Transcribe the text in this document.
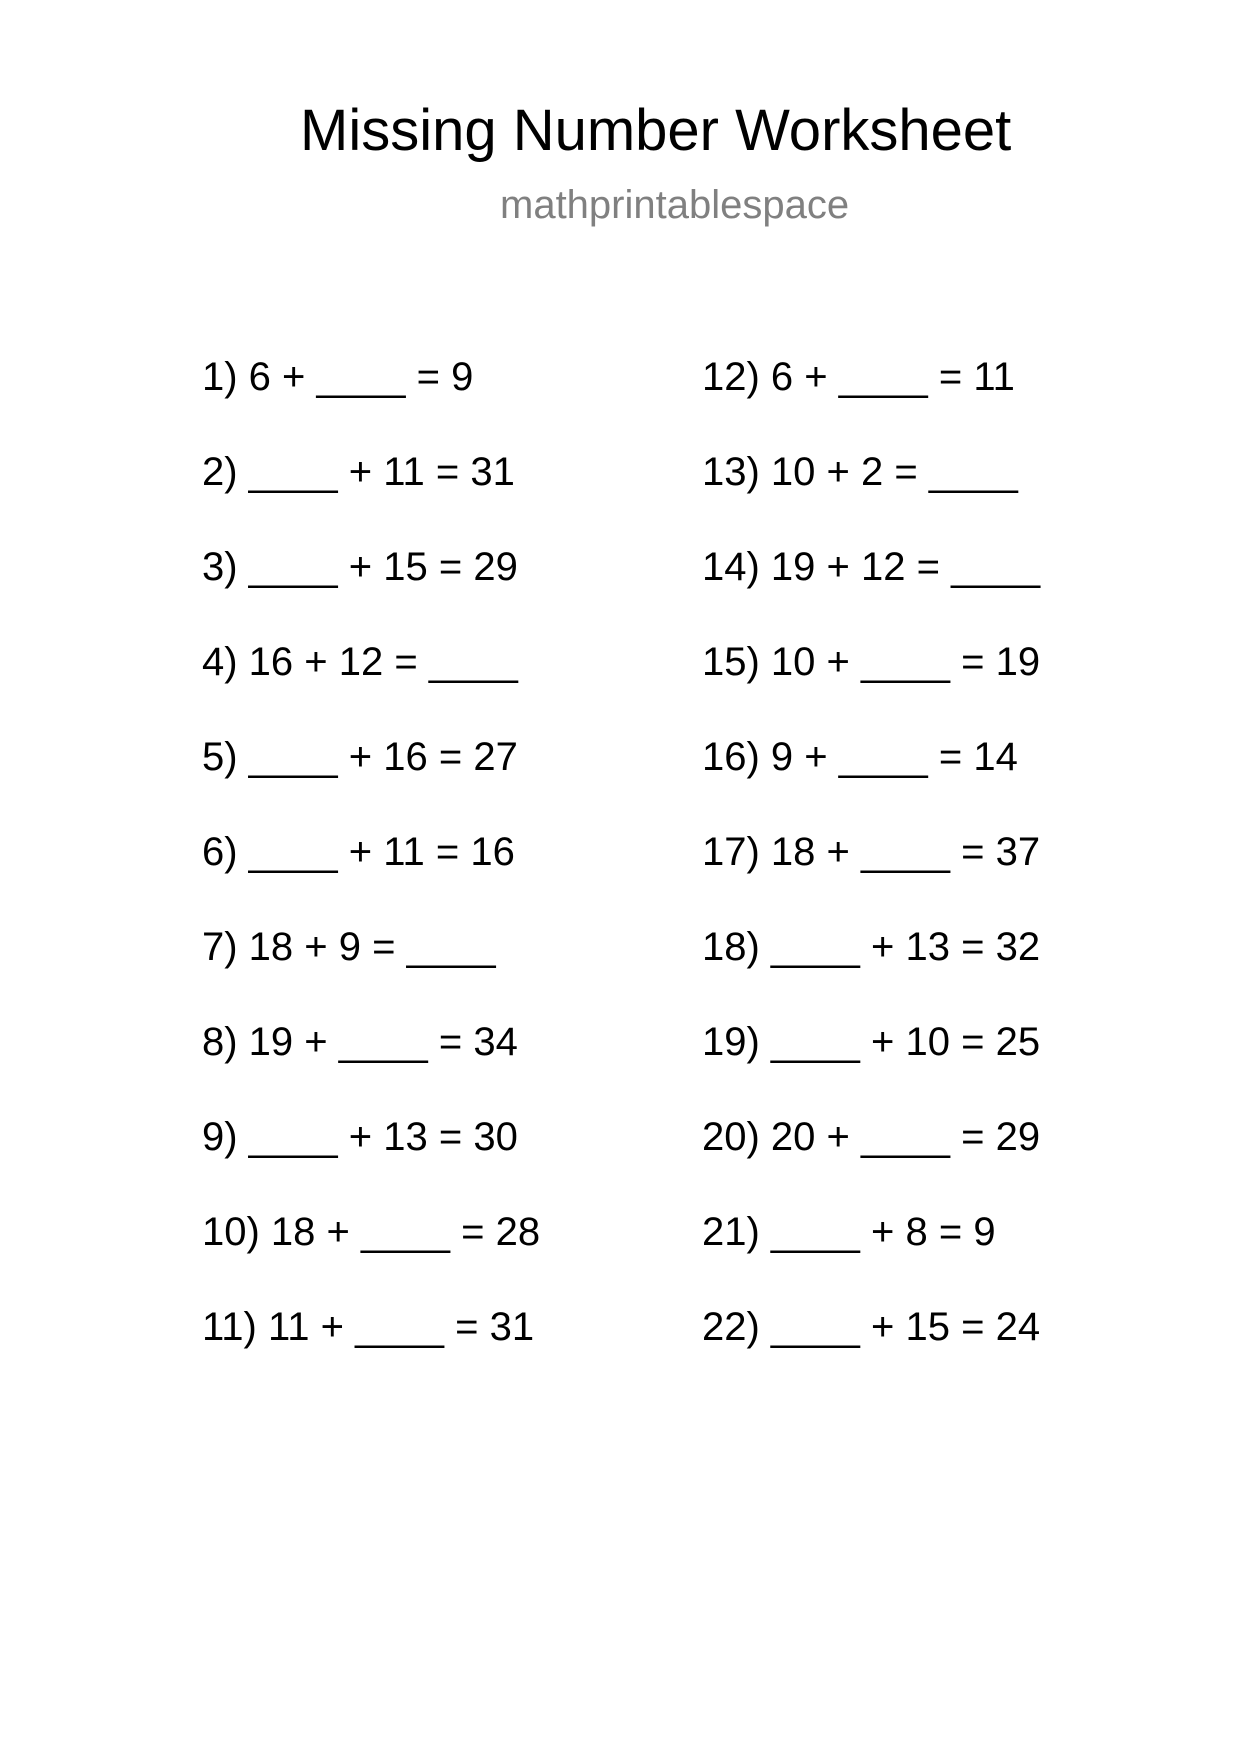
Missing Number Worksheet
mathprintablespace
1) 6 + ____ = 9
2) ____ + 11 = 31
3) ____ + 15 = 29
4) 16 + 12 = ____
5) ____ + 16 = 27
6) ____ + 11 = 16
7) 18 + 9 = ____
8) 19 + ____ = 34
9) ____ + 13 = 30
10) 18 + ____ = 28
11) 11 + ____ = 31
12) 6 + ____ = 11
13) 10 + 2 = ____
14) 19 + 12 = ____
15) 10 + ____ = 19
16) 9 + ____ = 14
17) 18 + ____ = 37
18) ____ + 13 = 32
19) ____ + 10 = 25
20) 20 + ____ = 29
21) ____ + 8 = 9
22) ____ + 15 = 24
